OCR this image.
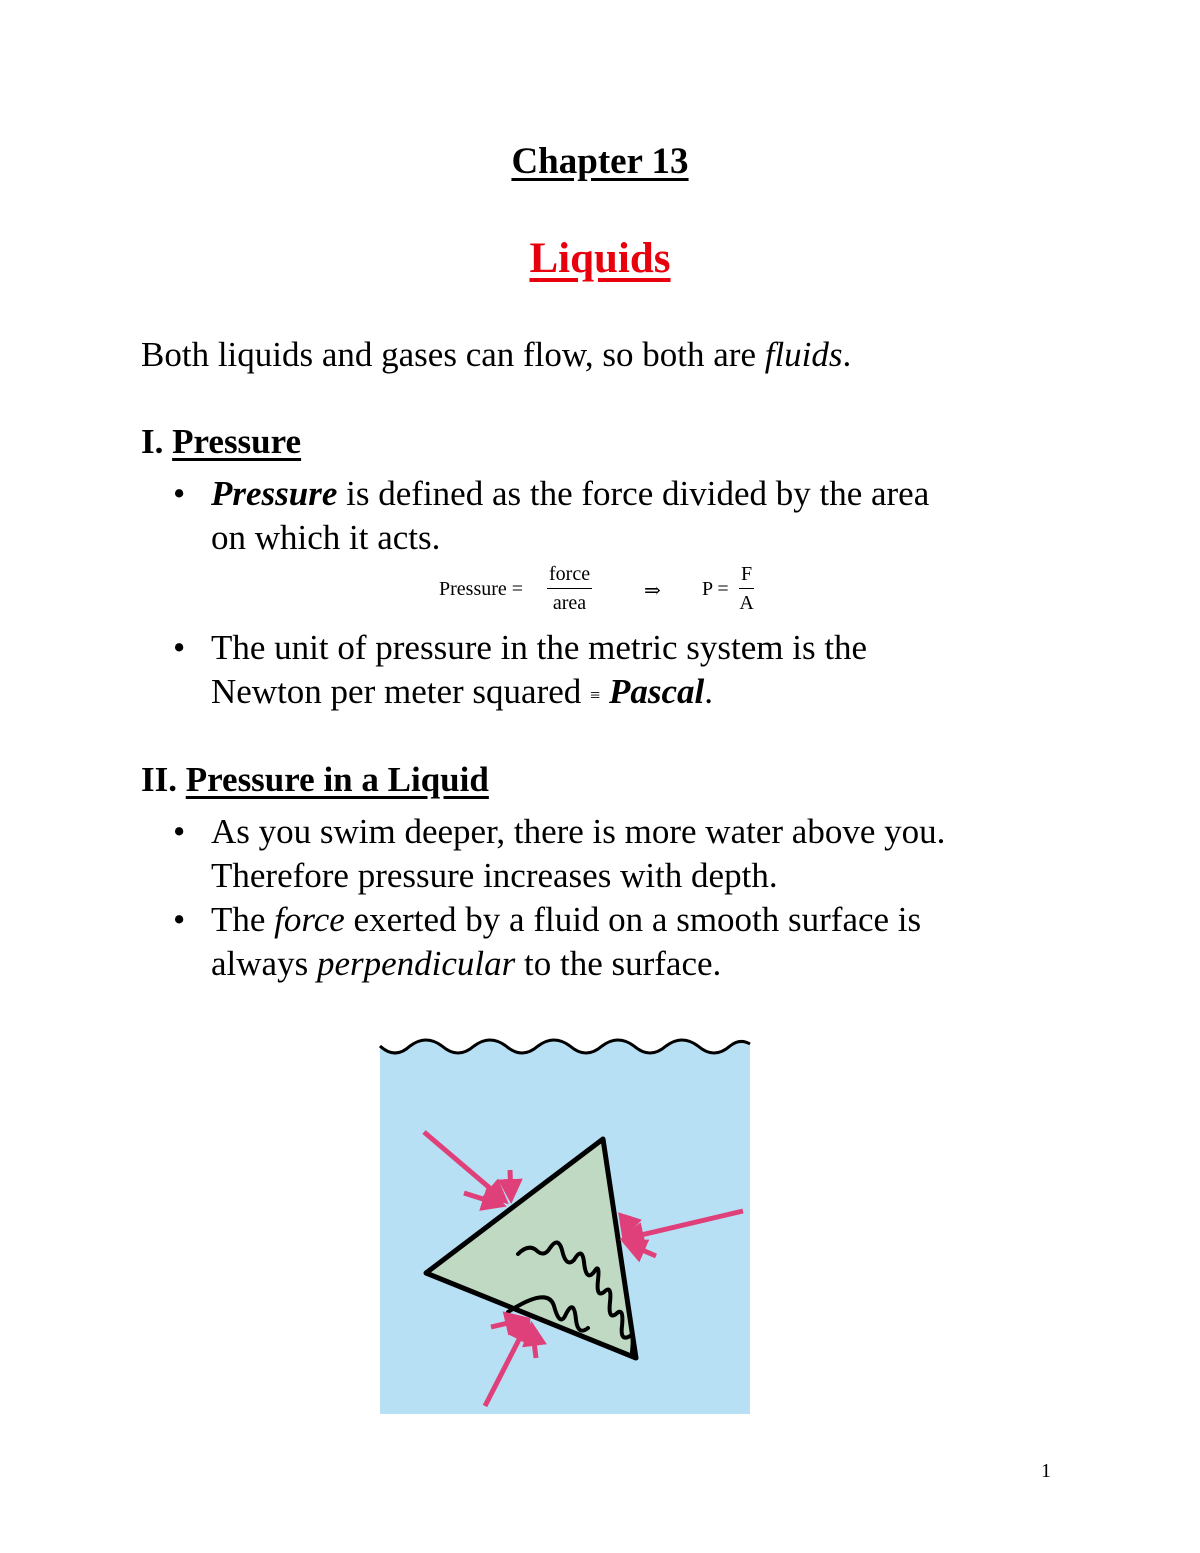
Chapter 13
Liquids
Both liquids and gases can flow, so both are fluids.
I. Pressure
• Pressure is defined as the force divided by the area
on which it acts.
Pressure =
force
area
⇒ $P = \frac{F}{A}$
• The unit of pressure in the metric system is the
Newton per meter squared ≡ Pascal.
II. Pressure in a Liquid
• As you swim deeper, there is more water above you.
Therefore pressure increases with depth.
• The force exerted by a fluid on a smooth surface is
always perpendicular to the surface.
1
